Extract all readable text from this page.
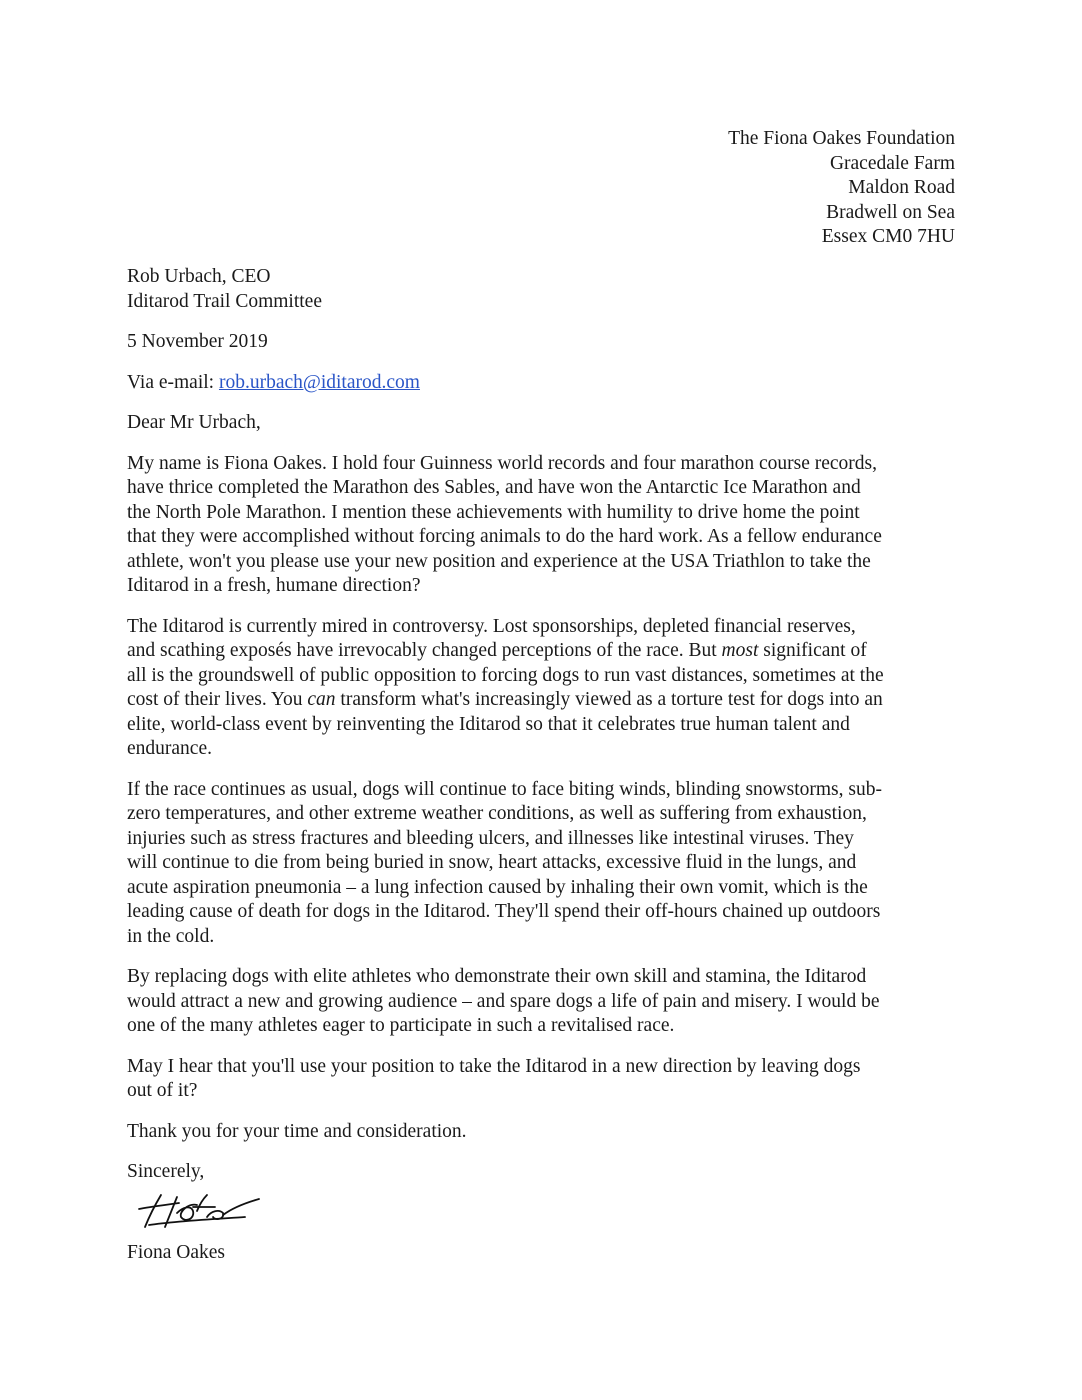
The Fiona Oakes Foundation
Gracedale Farm
Maldon Road
Bradwell on Sea
Essex CM0 7HU
Rob Urbach, CEO
Iditarod Trail Committee
5 November 2019
Via e-mail: rob.urbach@iditarod.com
Dear Mr Urbach,
My name is Fiona Oakes. I hold four Guinness world records and four marathon course records,
have thrice completed the Marathon des Sables, and have won the Antarctic Ice Marathon and
the North Pole Marathon. I mention these achievements with humility to drive home the point
that they were accomplished without forcing animals to do the hard work. As a fellow endurance
athlete, won't you please use your new position and experience at the USA Triathlon to take the
Iditarod in a fresh, humane direction?
The Iditarod is currently mired in controversy. Lost sponsorships, depleted financial reserves,
and scathing exposés have irrevocably changed perceptions of the race. But most significant of
all is the groundswell of public opposition to forcing dogs to run vast distances, sometimes at the
cost of their lives. You can transform what's increasingly viewed as a torture test for dogs into an
elite, world-class event by reinventing the Iditarod so that it celebrates true human talent and
endurance.
If the race continues as usual, dogs will continue to face biting winds, blinding snowstorms, sub-
zero temperatures, and other extreme weather conditions, as well as suffering from exhaustion,
injuries such as stress fractures and bleeding ulcers, and illnesses like intestinal viruses. They
will continue to die from being buried in snow, heart attacks, excessive fluid in the lungs, and
acute aspiration pneumonia – a lung infection caused by inhaling their own vomit, which is the
leading cause of death for dogs in the Iditarod. They'll spend their off-hours chained up outdoors
in the cold.
By replacing dogs with elite athletes who demonstrate their own skill and stamina, the Iditarod
would attract a new and growing audience – and spare dogs a life of pain and misery. I would be
one of the many athletes eager to participate in such a revitalised race.
May I hear that you'll use your position to take the Iditarod in a new direction by leaving dogs
out of it?
Thank you for your time and consideration.
Sincerely,
Fiona Oakes
